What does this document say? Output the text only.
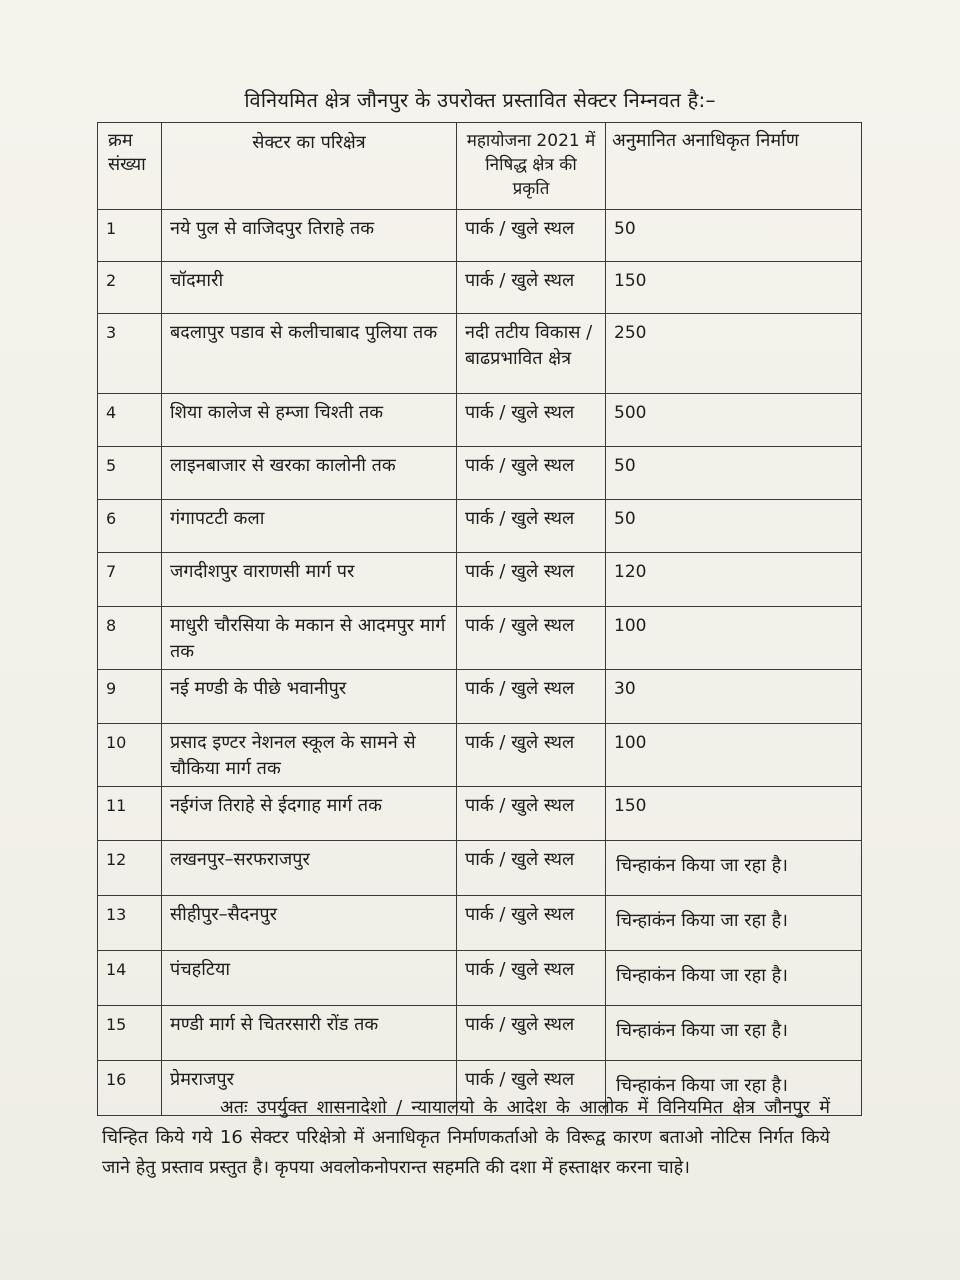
विनियमित क्षेत्र जौनपुर के उपरोक्त प्रस्तावित सेक्टर निम्नवत है:–
क्रम संख्या	सेक्टर का परिक्षेत्र	महायोजना 2021 में निषिद्ध क्षेत्र की प्रकृति	अनुमानित अनाधिकृत निर्माण
1	नये पुल से वाजिदपुर तिराहे तक	पार्क / खुले स्थल	50
2	चॉदमारी	पार्क / खुले स्थल	150
3	बदलापुर पडाव से कलीचाबाद पुलिया तक	नदी तटीय विकास / बाढप्रभावित क्षेत्र	250
4	शिया कालेज से हम्जा चिश्ती तक	पार्क / खुले स्थल	500
5	लाइनबाजार से खरका कालोनी तक	पार्क / खुले स्थल	50
6	गंगापटटी कला	पार्क / खुले स्थल	50
7	जगदीशपुर वाराणसी मार्ग पर	पार्क / खुले स्थल	120
8	माधुरी चौरसिया के मकान से आदमपुर मार्ग तक	पार्क / खुले स्थल	100
9	नई मण्डी के पीछे भवानीपुर	पार्क / खुले स्थल	30
10	प्रसाद इण्टर नेशनल स्कूल के सामने से चौकिया मार्ग तक	पार्क / खुले स्थल	100
11	नईगंज तिराहे से ईदगाह मार्ग तक	पार्क / खुले स्थल	150
12	लखनपुर–सरफराजपुर	पार्क / खुले स्थल	चिन्हाकंन किया जा रहा है।
13	सीहीपुर–सैदनपुर	पार्क / खुले स्थल	चिन्हाकंन किया जा रहा है।
14	पंचहटिया	पार्क / खुले स्थल	चिन्हाकंन किया जा रहा है।
15	मण्डी मार्ग से चितरसारी रोंड तक	पार्क / खुले स्थल	चिन्हाकंन किया जा रहा है।
16	प्रेमराजपुर	पार्क / खुले स्थल	चिन्हाकंन किया जा रहा है।
अतः उपर्युक्त शासनादेशो / न्यायालयो के आदेश के आलोक में विनियमित क्षेत्र जौनपुर में चिन्हित किये गये 16 सेक्टर परिक्षेत्रो में अनाधिकृत निर्माणकर्ताओ के विरूद्व कारण बताओ नोटिस निर्गत किये जाने हेतु प्रस्ताव प्रस्तुत है। कृपया अवलोकनोपरान्त सहमति की दशा में हस्ताक्षर करना चाहे।
